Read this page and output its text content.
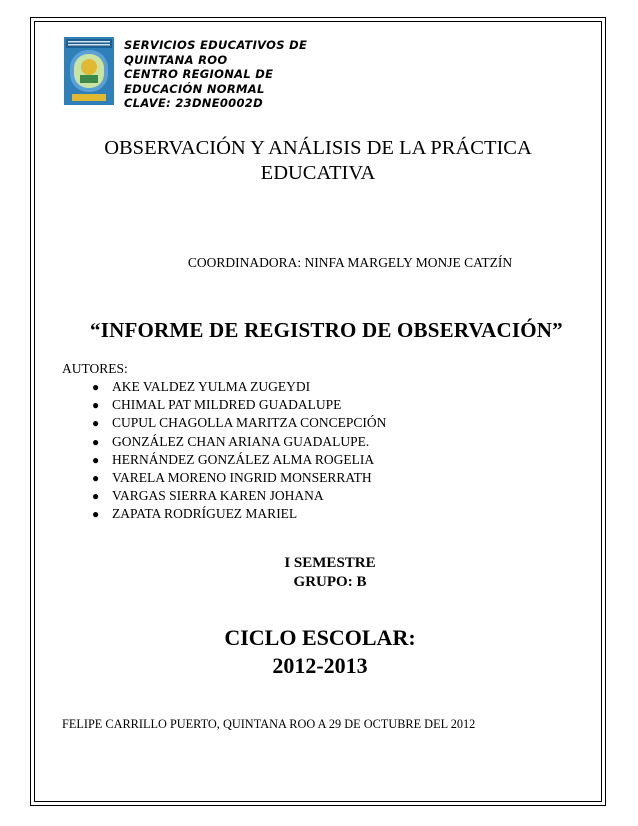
SERVICIOS EDUCATIVOS DE
QUINTANA ROO
CENTRO REGIONAL DE
EDUCACIÓN NORMAL
CLAVE: 23DNE0002D
OBSERVACIÓN Y ANÁLISIS DE LA PRÁCTICA
EDUCATIVA
COORDINADORA: NINFA MARGELY MONJE CATZÍN
“INFORME DE REGISTRO DE OBSERVACIÓN”
AUTORES:
● AKE VALDEZ YULMA ZUGEYDI
● CHIMAL PAT MILDRED GUADALUPE
● CUPUL CHAGOLLA MARITZA CONCEPCIÓN
● GONZÁLEZ CHAN ARIANA GUADALUPE.
● HERNÁNDEZ GONZÁLEZ ALMA ROGELIA
● VARELA MORENO INGRID MONSERRATH
● VARGAS SIERRA KAREN JOHANA
● ZAPATA RODRÍGUEZ MARIEL
I SEMESTRE
GRUPO: B
CICLO ESCOLAR:
2012-2013
FELIPE CARRILLO PUERTO, QUINTANA ROO A 29 DE OCTUBRE DEL 2012
